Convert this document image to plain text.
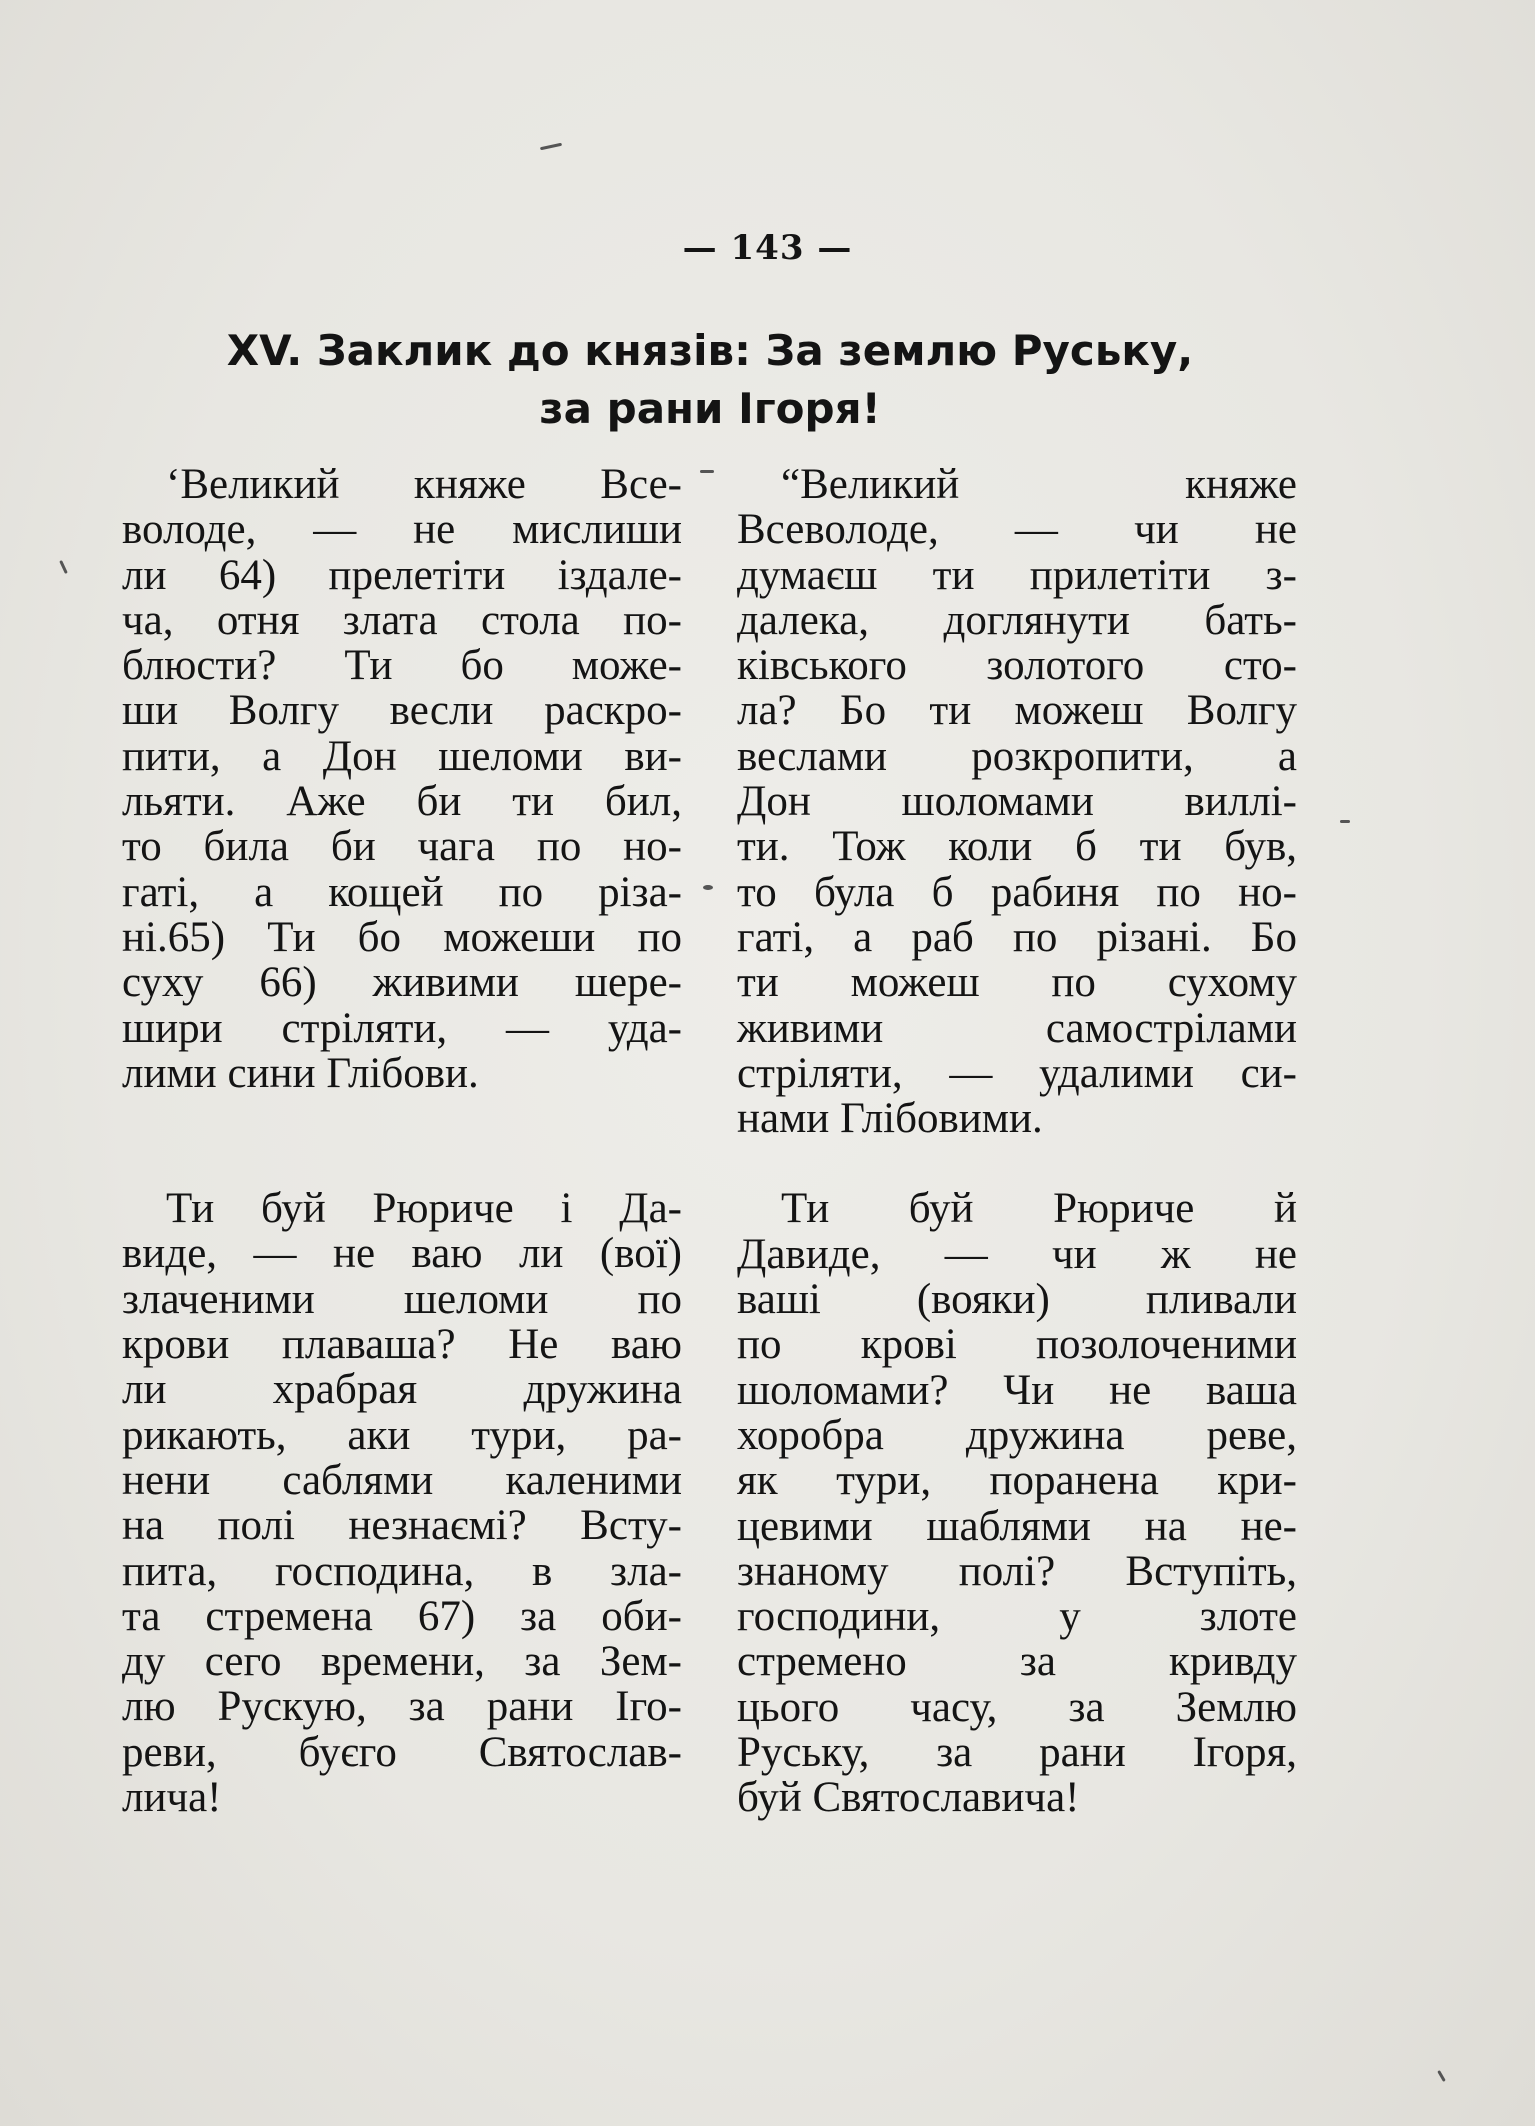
— 143 —
XV. Заклик до князів: За землю Руську,
за рани Ігоря!
‘Великий княже Все-
володе, — не мислиши
ли 64) прелетіти іздале-
ча, отня злата стола по-
блюсти? Ти бо може-
ши Волгу весли раскро-
пити, а Дон шеломи ви-
льяти. Аже би ти бил,
то била би чага по но-
гаті, а кощей по різа-
ні.65) Ти бо можеши по
суху 66) живими шере-
шири стріляти, — уда-
лими сини Глібови.
Ти буй Рюриче і Да-
виде, — не ваю ли (вої)
злаченими шеломи по
крови плаваша? Не ваю
ли храбрая дружина
рикають, аки тури, ра-
нени саблями каленими
на полі незнаємі? Всту-
пита, господина, в зла-
та стремена 67) за оби-
ду сего времени, за Зем-
лю Рускую, за рани Іго-
реви, буєго Святослав-
лича!
“Великий княже
Всеволоде, — чи не
думаєш ти прилетіти з-
далека, доглянути бать-
ківського золотого сто-
ла? Бо ти можеш Волгу
веслами розкропити, а
Дон шоломами виллі-
ти. Тож коли б ти був,
то була б рабиня по но-
гаті, а раб по різані. Бо
ти можеш по сухому
живими самострілами
стріляти, — удалими си-
нами Глібовими.
Ти буй Рюриче й
Давиде, — чи ж не
ваші (вояки) пливали
по крові позолоченими
шоломами? Чи не ваша
хоробра дружина реве,
як тури, поранена кри-
цевими шаблями на не-
знаному полі? Вступіть,
господини, у злоте
стремено за кривду
цього часу, за Землю
Руську, за рани Ігоря,
буй Святославича!
